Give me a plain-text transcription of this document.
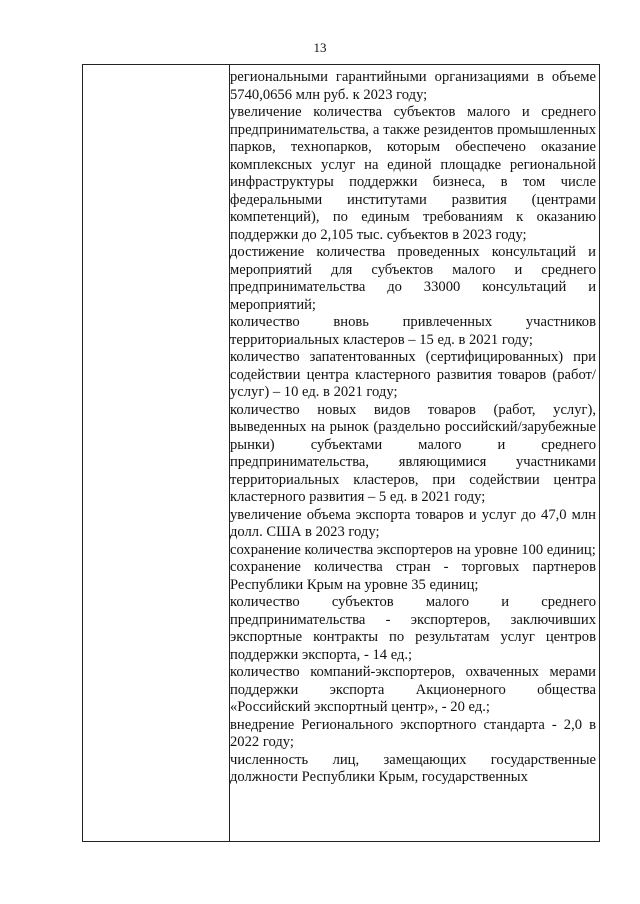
13

региональными гарантийными организациями в объеме 5740,0656 млн руб. к 2023 году;

увеличение количества субъектов малого и среднего предпринимательства, а также резидентов промышленных парков, технопарков, которым обеспечено оказание комплексных услуг на единой площадке региональной инфраструктуры поддержки бизнеса, в том числе федеральными институтами развития (центрами компетенций), по единым требованиям к оказанию поддержки до 2,105 тыс. субъектов в 2023 году;

достижение количества проведенных консультаций и мероприятий для субъектов малого и среднего предпринимательства до 33000 консультаций и мероприятий;

количество вновь привлеченных участников территориальных кластеров – 15 ед. в 2021 году;

количество запатентованных (сертифицированных) при содействии центра кластерного развития товаров (работ/услуг) – 10 ед. в 2021 году;

количество новых видов товаров (работ, услуг), выведенных на рынок (раздельно российский/зарубежные рынки) субъектами малого и среднего предпринимательства, являющимися участниками территориальных кластеров, при содействии центра кластерного развития – 5 ед. в 2021 году;

увеличение объема экспорта товаров и услуг до 47,0 млн долл. США в 2023 году;

сохранение количества экспортеров на уровне 100 единиц;

сохранение количества стран - торговых партнеров Республики Крым на уровне 35 единиц;

количество субъектов малого и среднего предпринимательства - экспортеров, заключивших экспортные контракты по результатам услуг центров поддержки экспорта, - 14 ед.;

количество компаний-экспортеров, охваченных мерами поддержки экспорта Акционерного общества «Российский экспортный центр», - 20 ед.;

внедрение Регионального экспортного стандарта - 2,0 в 2022 году;

численность лиц, замещающих государственные должности Республики Крым, государственных
